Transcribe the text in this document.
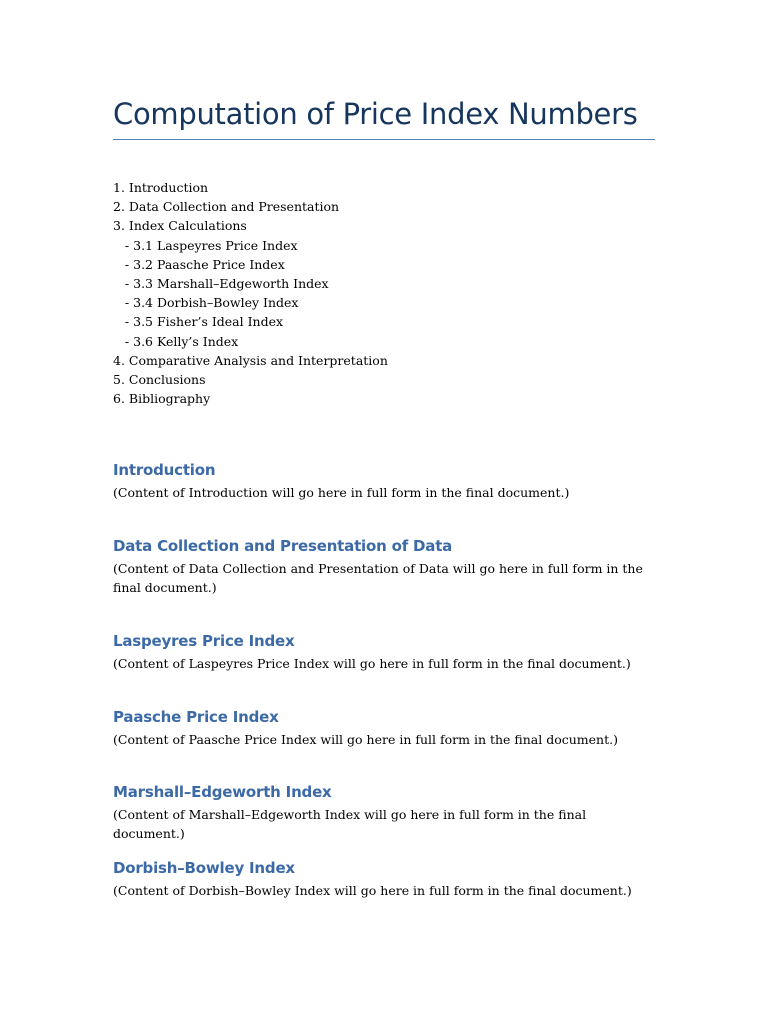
Computation of Price Index Numbers
1. Introduction
2. Data Collection and Presentation
3. Index Calculations
- 3.1 Laspeyres Price Index
- 3.2 Paasche Price Index
- 3.3 Marshall–Edgeworth Index
- 3.4 Dorbish–Bowley Index
- 3.5 Fisher’s Ideal Index
- 3.6 Kelly’s Index
4. Comparative Analysis and Interpretation
5. Conclusions
6. Bibliography
Introduction

(Content of Introduction will go here in full form in the final document.)

Data Collection and Presentation of Data

(Content of Data Collection and Presentation of Data will go here in full form in the final document.)

Laspeyres Price Index

(Content of Laspeyres Price Index will go here in full form in the final document.)

Paasche Price Index

(Content of Paasche Price Index will go here in full form in the final document.)

Marshall–Edgeworth Index

(Content of Marshall–Edgeworth Index will go here in full form in the final document.)

Dorbish–Bowley Index

(Content of Dorbish–Bowley Index will go here in full form in the final document.)
